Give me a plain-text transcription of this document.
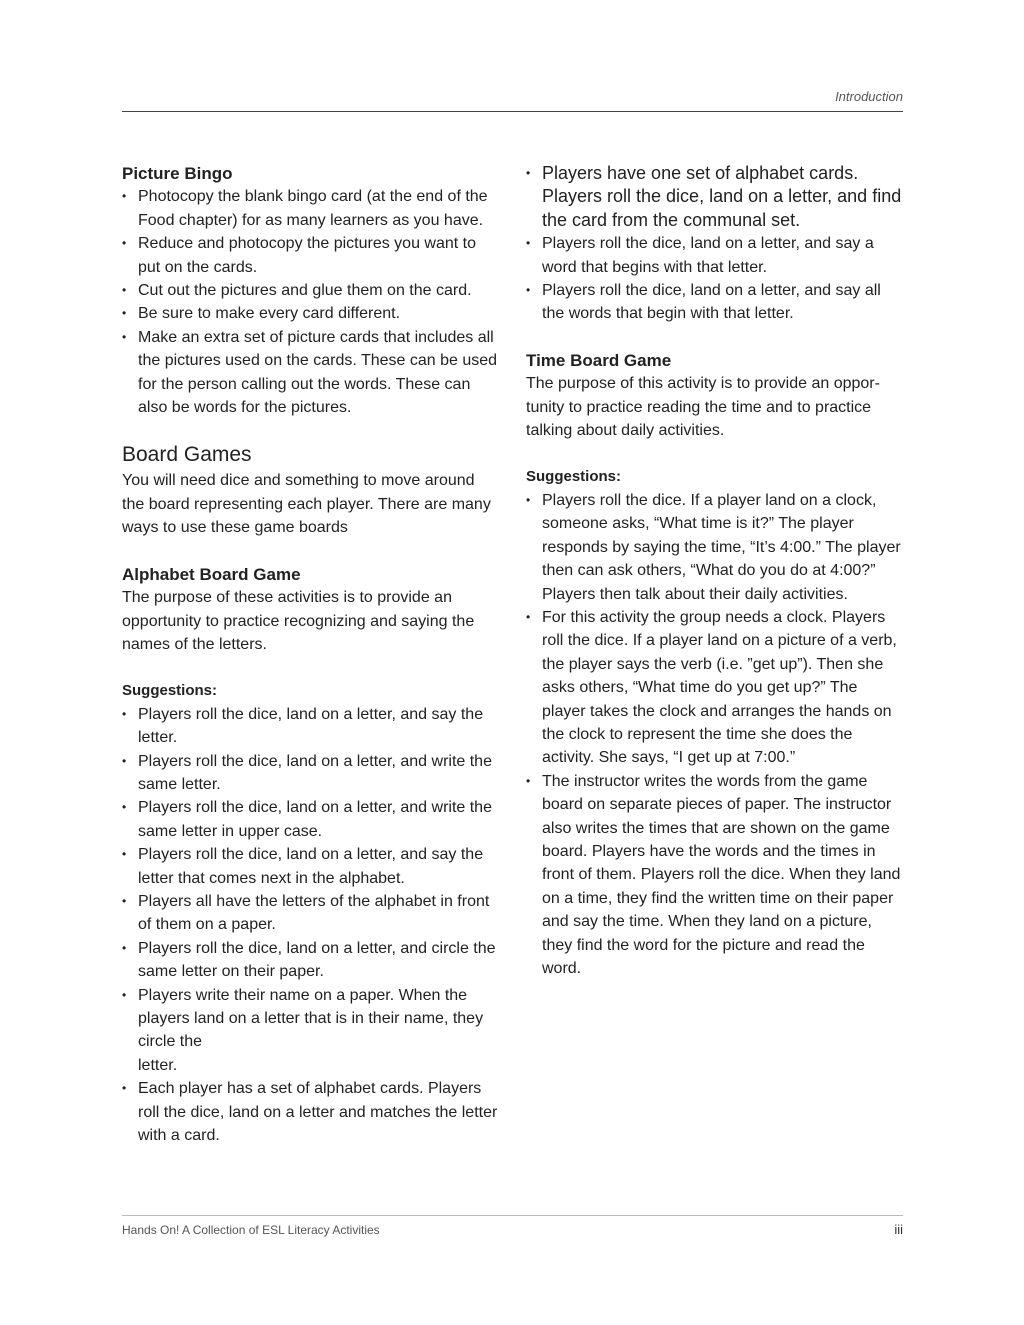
Introduction
Picture Bingo
• Photocopy the blank bingo card (at the end of the Food chapter) for as many learners as you have.
• Reduce and photocopy the pictures you want to put on the cards.
• Cut out the pictures and glue them on the card.
• Be sure to make every card different.
• Make an extra set of picture cards that includes all the pictures used on the cards. These can be used for the person calling out the words. These can also be words for the pictures.
Board Games

You will need dice and something to move around the board representing each player. There are many ways to use these game boards

Alphabet Board Game

The purpose of these activities is to provide an opportunity to practice recognizing and saying the names of the letters.

Suggestions:
• Players roll the dice, land on a letter, and say the letter.
• Players roll the dice, land on a letter, and write the same letter.
• Players roll the dice, land on a letter, and write the same letter in upper case.
• Players roll the dice, land on a letter, and say the letter that comes next in the alphabet.
• Players all have the letters of the alphabet in front of them on a paper.
• Players roll the dice, land on a letter, and circle the same letter on their paper.
• Players write their name on a paper. When the players land on a letter that is in their name, they circle the
letter.
• Each player has a set of alphabet cards. Players roll the dice, land on a letter and matches the letter with a card.
• Players have one set of alphabet cards. Players roll the dice, land on a letter, and find the card from the communal set.
• Players roll the dice, land on a letter, and say a word that begins with that letter.
• Players roll the dice, land on a letter, and say all the words that begin with that letter.
Time Board Game

The purpose of this activity is to provide an oppor-tunity to practice reading the time and to practice talking about daily activities.

Suggestions:
• Players roll the dice. If a player land on a clock, someone asks, “What time is it?” The player responds by saying the time, “It’s 4:00.” The player then can ask others, “What do you do at 4:00?” Players then talk about their daily activities.
• For this activity the group needs a clock. Players roll the dice. If a player land on a picture of a verb, the player says the verb (i.e. ”get up”). Then she asks others, “What time do you get up?” The player takes the clock and arranges the hands on the clock to represent the time she does the activity. She says, “I get up at 7:00.”
• The instructor writes the words from the game board on separate pieces of paper. The instructor also writes the times that are shown on the game board. Players have the words and the times in front of them. Players roll the dice. When they land on a time, they find the written time on their paper and say the time. When they land on a picture, they find the word for the picture and read the word.
Hands On! A Collection of ESL Literacy Activities	iii
